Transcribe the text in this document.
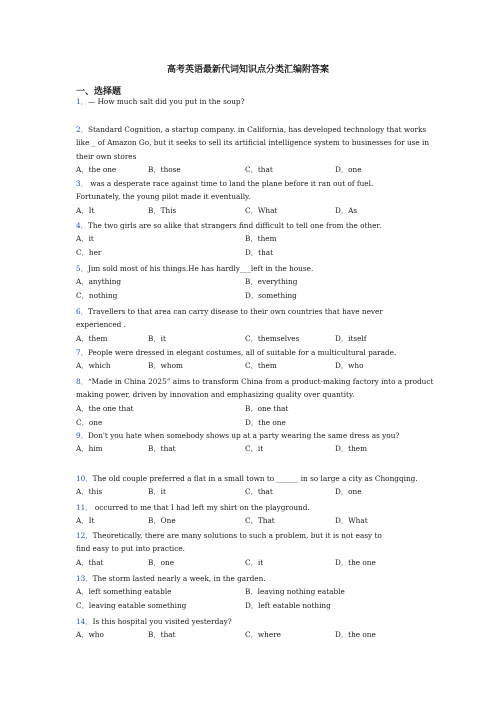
高考英语最新代词知识点分类汇编附答案
一、选择题
1．— How much salt did you put in the soup?
2．Standard Cognition, a startup company. in California, has developed technology that works
like _ of Amazon Go, but it seeks to sell its artificial intelligence system to businesses for use in
their own stores
A．the one	B．those	C．that	D．one
3． was a desperate race against time to land the plane before it ran out of fuel.
Fortunately, the young pilot made it eventually.
A．It	B．This	C．What	D．As
4．The two girls are so alike that strangers find difficult to tell one from the other.
A．it	B．them
C．her	D．that
5．Jim sold most of his things.He has hardly___left in the house.
A．anything	B．everything
C．nothing	D．something
6．Travellers to that area can carry disease to their own countries that have never
experienced .
A．them	B．it	C．themselves	D．itself
7．People were dressed in elegant costumes, all of suitable for a multicultural parade.
A．which	B．whom	C．them	D．who
8．“Made in China 2025” aims to transform China from a product-making factory into a product
making power, driven by innovation and emphasizing quality over quantity.
A．the one that	B．one that
C．one	D．the one
9．Don't you hate when somebody shows up at a party wearing the same dress as you?
A．him	B．that	C．it	D．them
10．The old couple preferred a flat in a small town to ______ in so large a city as Chongqing.
A．this	B．it	C．that	D．one
11． occurred to me that I had left my shirt on the playground.
A．It	B．One	C．That	D．What
12．Theoretically, there are many solutions to such a problem, but it is not easy to
find easy to put into practice.
A．that	B．one	C．it	D．the one
13．The storm lasted nearly a week, in the garden.
A．left something eatable	B．leaving nothing eatable
C．leaving eatable something	D．left eatable nothing
14．Is this hospital you visited yesterday?
A．who	B．that	C．where	D．the one
